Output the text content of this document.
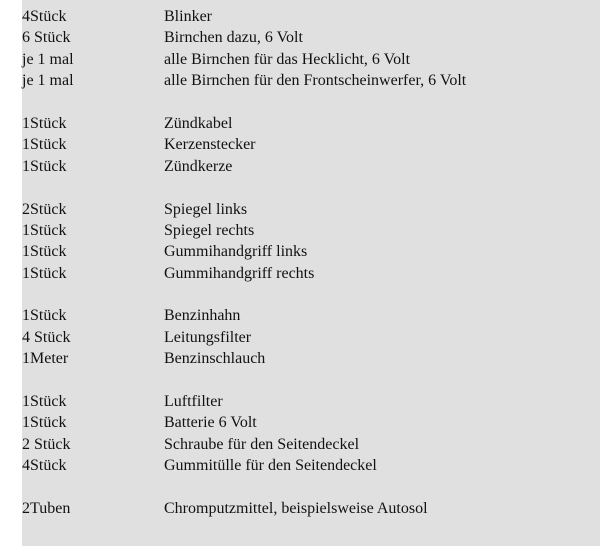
4Stück	Blinker
6 Stück	Birnchen dazu, 6 Volt
je 1 mal	alle Birnchen für das Hecklicht, 6 Volt
je 1 mal	alle Birnchen für den Frontscheinwerfer, 6 Volt
1Stück	Zündkabel
1Stück	Kerzenstecker
1Stück	Zündkerze
2Stück	Spiegel links
1Stück	Spiegel rechts
1Stück	Gummihandgriff links
1Stück	Gummihandgriff rechts
1Stück	Benzinhahn
4 Stück	Leitungsfilter
1Meter	Benzinschlauch
1Stück	Luftfilter
1Stück	Batterie 6 Volt
2 Stück	Schraube für den Seitendeckel
4Stück	Gummitülle für den Seitendeckel
2Tuben	Chromputzmittel, beispielsweise Autosol
